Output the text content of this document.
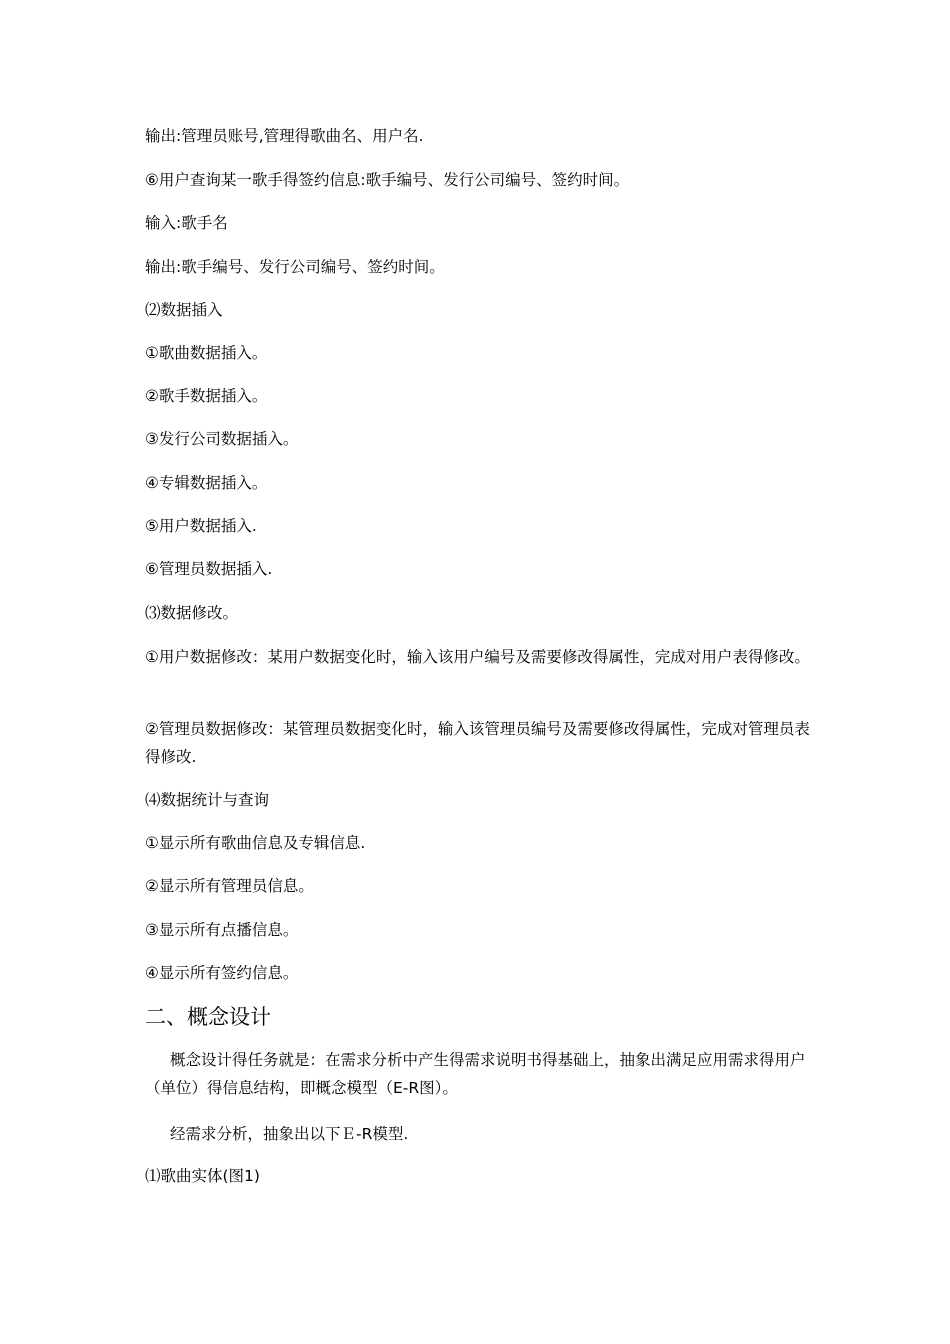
输出:管理员账号,管理得歌曲名、用户名.

⑥用户查询某一歌手得签约信息:歌手编号、发行公司编号、签约时间。

输入:歌手名

输出:歌手编号、发行公司编号、签约时间。

⑵数据插入

①歌曲数据插入。

②歌手数据插入。

③发行公司数据插入。

④专辑数据插入。

⑤用户数据插入.

⑥管理员数据插入.

⑶数据修改。

①用户数据修改：某用户数据变化时，输入该用户编号及需要修改得属性，完成对用户表得修改。

②管理员数据修改：某管理员数据变化时，输入该管理员编号及需要修改得属性，完成对管理员表得修改.

⑷数据统计与查询

①显示所有歌曲信息及专辑信息.

②显示所有管理员信息。

③显示所有点播信息。

④显示所有签约信息。

二、概念设计

概念设计得任务就是：在需求分析中产生得需求说明书得基础上，抽象出满足应用需求得用户（单位）得信息结构，即概念模型（E-R图）。

经需求分析，抽象出以下Ｅ-R模型.

⑴歌曲实体(图1)
